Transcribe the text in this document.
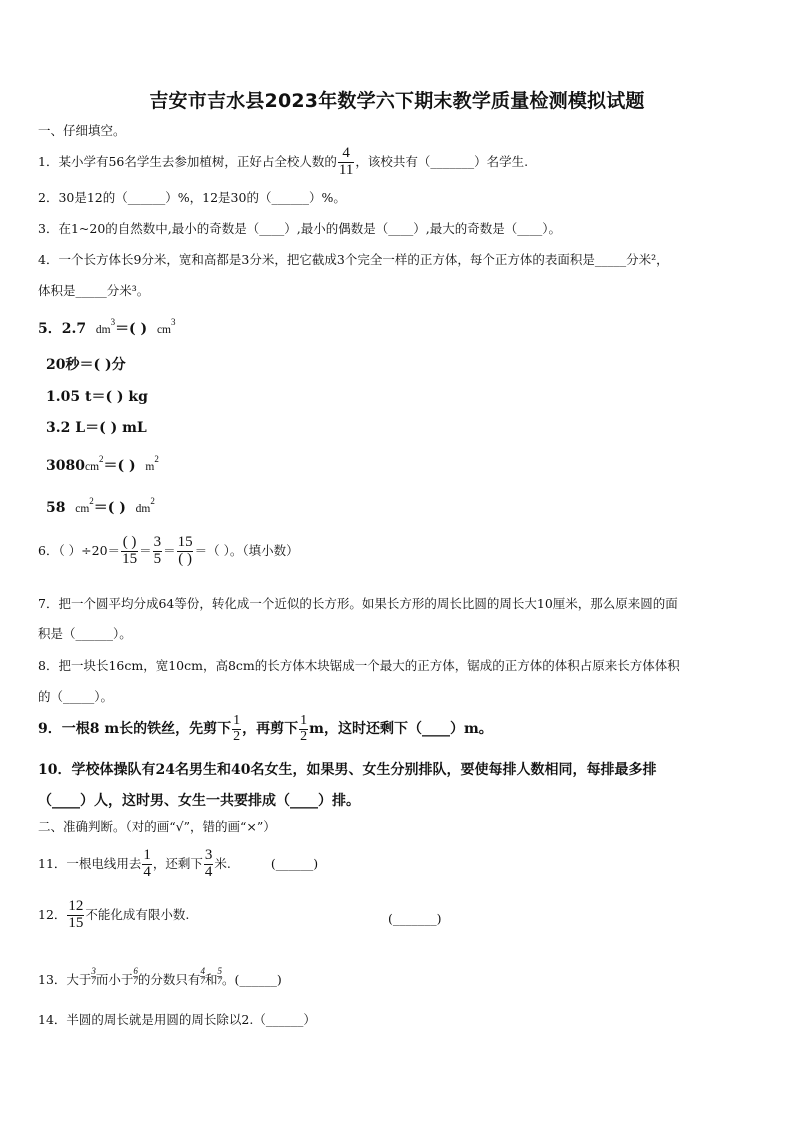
吉安市吉水县2023年数学六下期末教学质量检测模拟试题
一、仔细填空。
1．某小学有56名学生去参加植树，正好占全校人数的 $\frac{4}{11}$ ，该校共有（_______）名学生.
2．30是12的（______）%，12是30的（______）%。
3．在1~20的自然数中,最小的奇数是（____）,最小的偶数是（____）,最大的奇数是（____）。
4．一个长方体长9分米，宽和高都是3分米，把它截成3个完全一样的正方体，每个正方体的表面积是_____分米²，
体积是_____分米³。
5．2.7 $dm^3=$( ) $cm^3$
20秒＝( )分
1.05 t＝( ) kg
3.2 L＝( ) mL
$3080cm^2=$( ) $m^2$
58 $cm^2=$( ) $dm^2$
6．（ ）$\div 20= \frac{( )}{15} = \frac{3}{5} = \frac{15}{( )}$ ＝（ ）。（填小数）
7．把一个圆平均分成64等份，转化成一个近似的长方形。如果长方形的周长比圆的周长大10厘米，那么原来圆的面
积是（______）。
8．把一块长16cm，宽10cm，高8cm的长方体木块锯成一个最大的正方体，锯成的正方体的体积占原来长方体体积
的（_____）。
9．一根8 m长的铁丝，先剪下 $\frac{1}{2}$ ，再剪下 $\frac{1}{2}$ m，这时还剩下（____）m。
10．学校体操队有24名男生和40名女生，如果男、女生分别排队，要使每排人数相同，每排最多排
（____）人，这时男、女生一共要排成（____）排。
二、准确判断。（对的画“√”，错的画“×”）
11．一根电线用去 $\frac{1}{4}$ ，还剩下 $\frac{3}{4}$ 米.	(______)
12． $\frac{12}{15}$ 不能化成有限小数.	(_______)
13．大于 $\frac{3}{7}$ 而小于 $\frac{6}{7}$ 的分数只有 $\frac{4}{7}$ 和 $\frac{5}{7}$ 。(______)
14．半圆的周长就是用圆的周长除以2.（______）
